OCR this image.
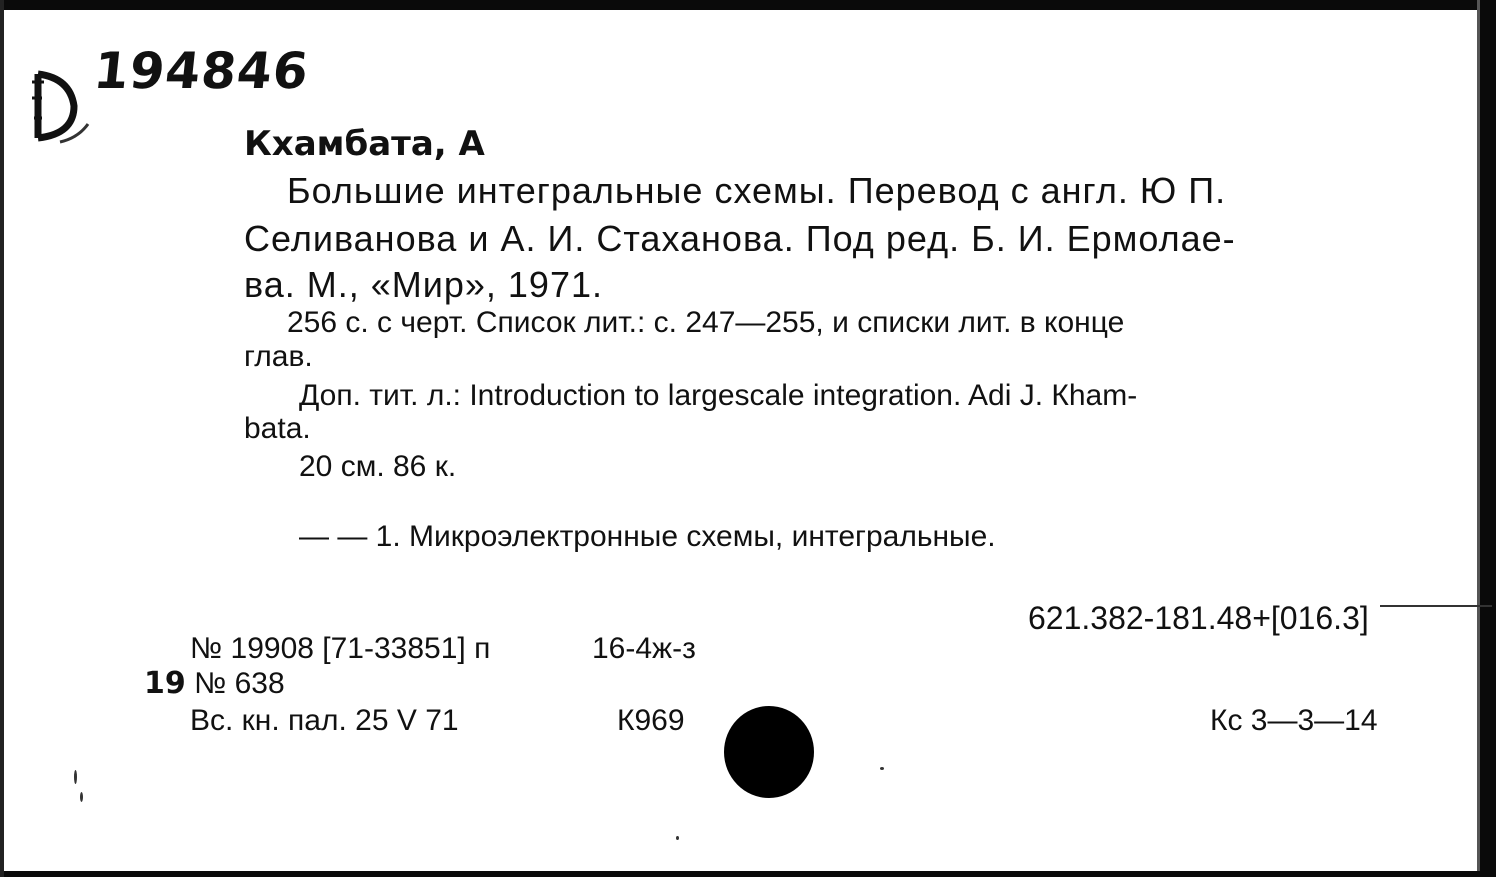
194846
Кхамбата, А
Большие интегральные схемы. Перевод с англ. Ю П.
Селиванова и А. И. Стаханова. Под ред. Б. И. Ермолае-
ва. М., «Мир», 1971.
256 с. с черт. Список лит.: с. 247—255, и списки лит. в конце
глав.
Доп. тит. л.: Introduction to largescale integration. Adi J. Кham-
bata.
20 см. 86 к.
— — 1. Микроэлектронные схемы, интегральные.
621.382-181.48+[016.3]
№ 19908 [71-33851] п	16-4ж-з
19 № 638
Вс. кн. пал. 25 V 71	К969	Кс 3—3—14
